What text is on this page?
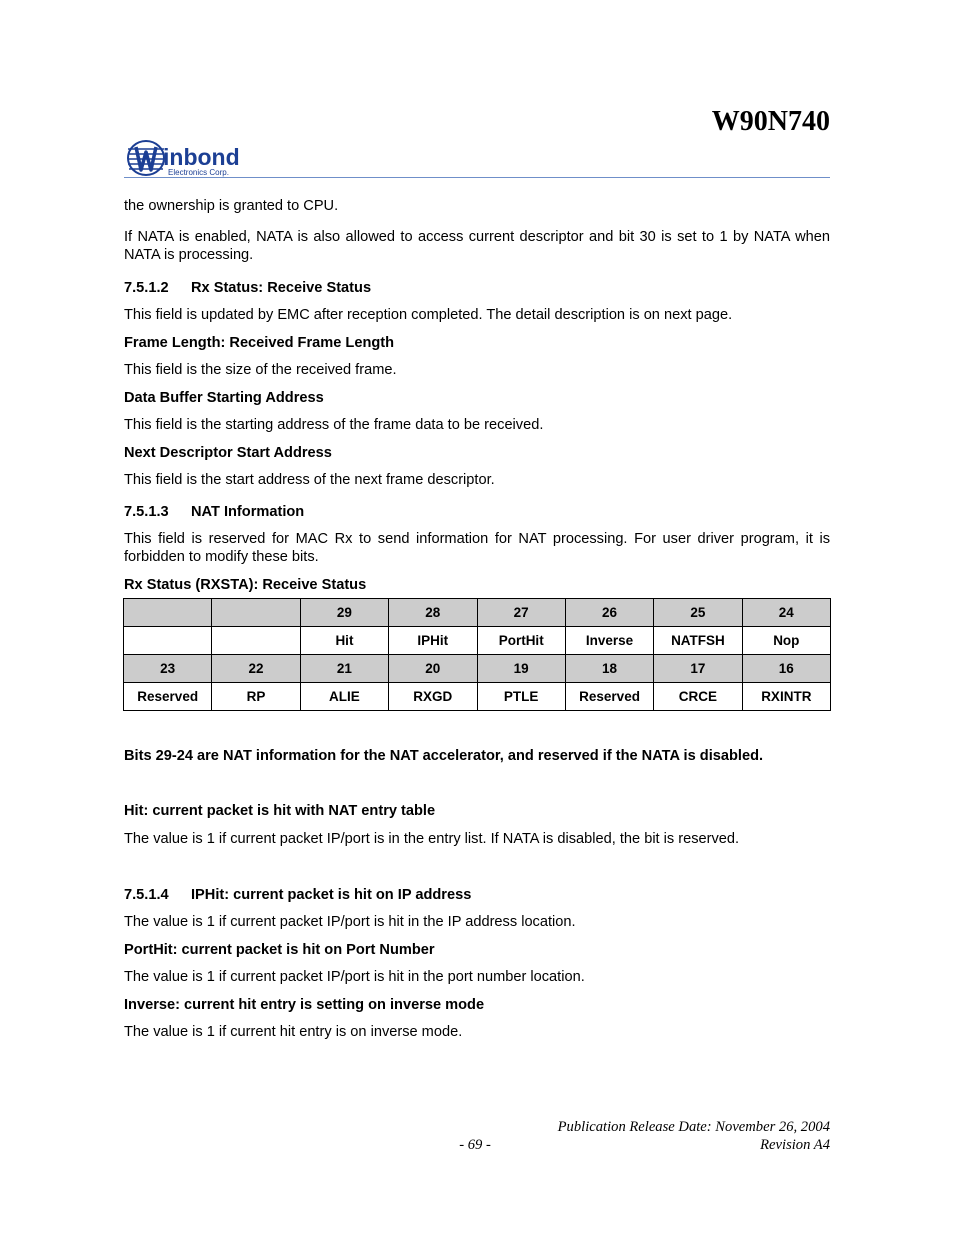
W90N740
inbond
Electronics Corp.
the ownership is granted to CPU.
If NATA is enabled, NATA is also allowed to access current descriptor and bit 30 is set to 1 by NATA when NATA is processing.
7.5.1.2 Rx Status: Receive Status
This field is updated by EMC after reception completed. The detail description is on next page.
Frame Length: Received Frame Length
This field is the size of the received frame.
Data Buffer Starting Address
This field is the starting address of the frame data to be received.
Next Descriptor Start Address
This field is the start address of the next frame descriptor.
7.5.1.3 NAT Information
This field is reserved for MAC Rx to send information for NAT processing. For user driver program, it is forbidden to modify these bits.
Rx Status (RXSTA): Receive Status
		29	28	27	26	25	24
		Hit	IPHit	PortHit	Inverse	NATFSH	Nop
23	22	21	20	19	18	17	16
Reserved	RP	ALIE	RXGD	PTLE	Reserved	CRCE	RXINTR
Bits 29-24 are NAT information for the NAT accelerator, and reserved if the NATA is disabled.
Hit: current packet is hit with NAT entry table
The value is 1 if current packet IP/port is in the entry list. If NATA is disabled, the bit is reserved.
7.5.1.4 IPHit: current packet is hit on IP address
The value is 1 if current packet IP/port is hit in the IP address location.
PortHit: current packet is hit on Port Number
The value is 1 if current packet IP/port is hit in the port number location.
Inverse: current hit entry is setting on inverse mode
The value is 1 if current hit entry is on inverse mode.
Publication Release Date: November 26, 2004
- 69 -	Revision A4
